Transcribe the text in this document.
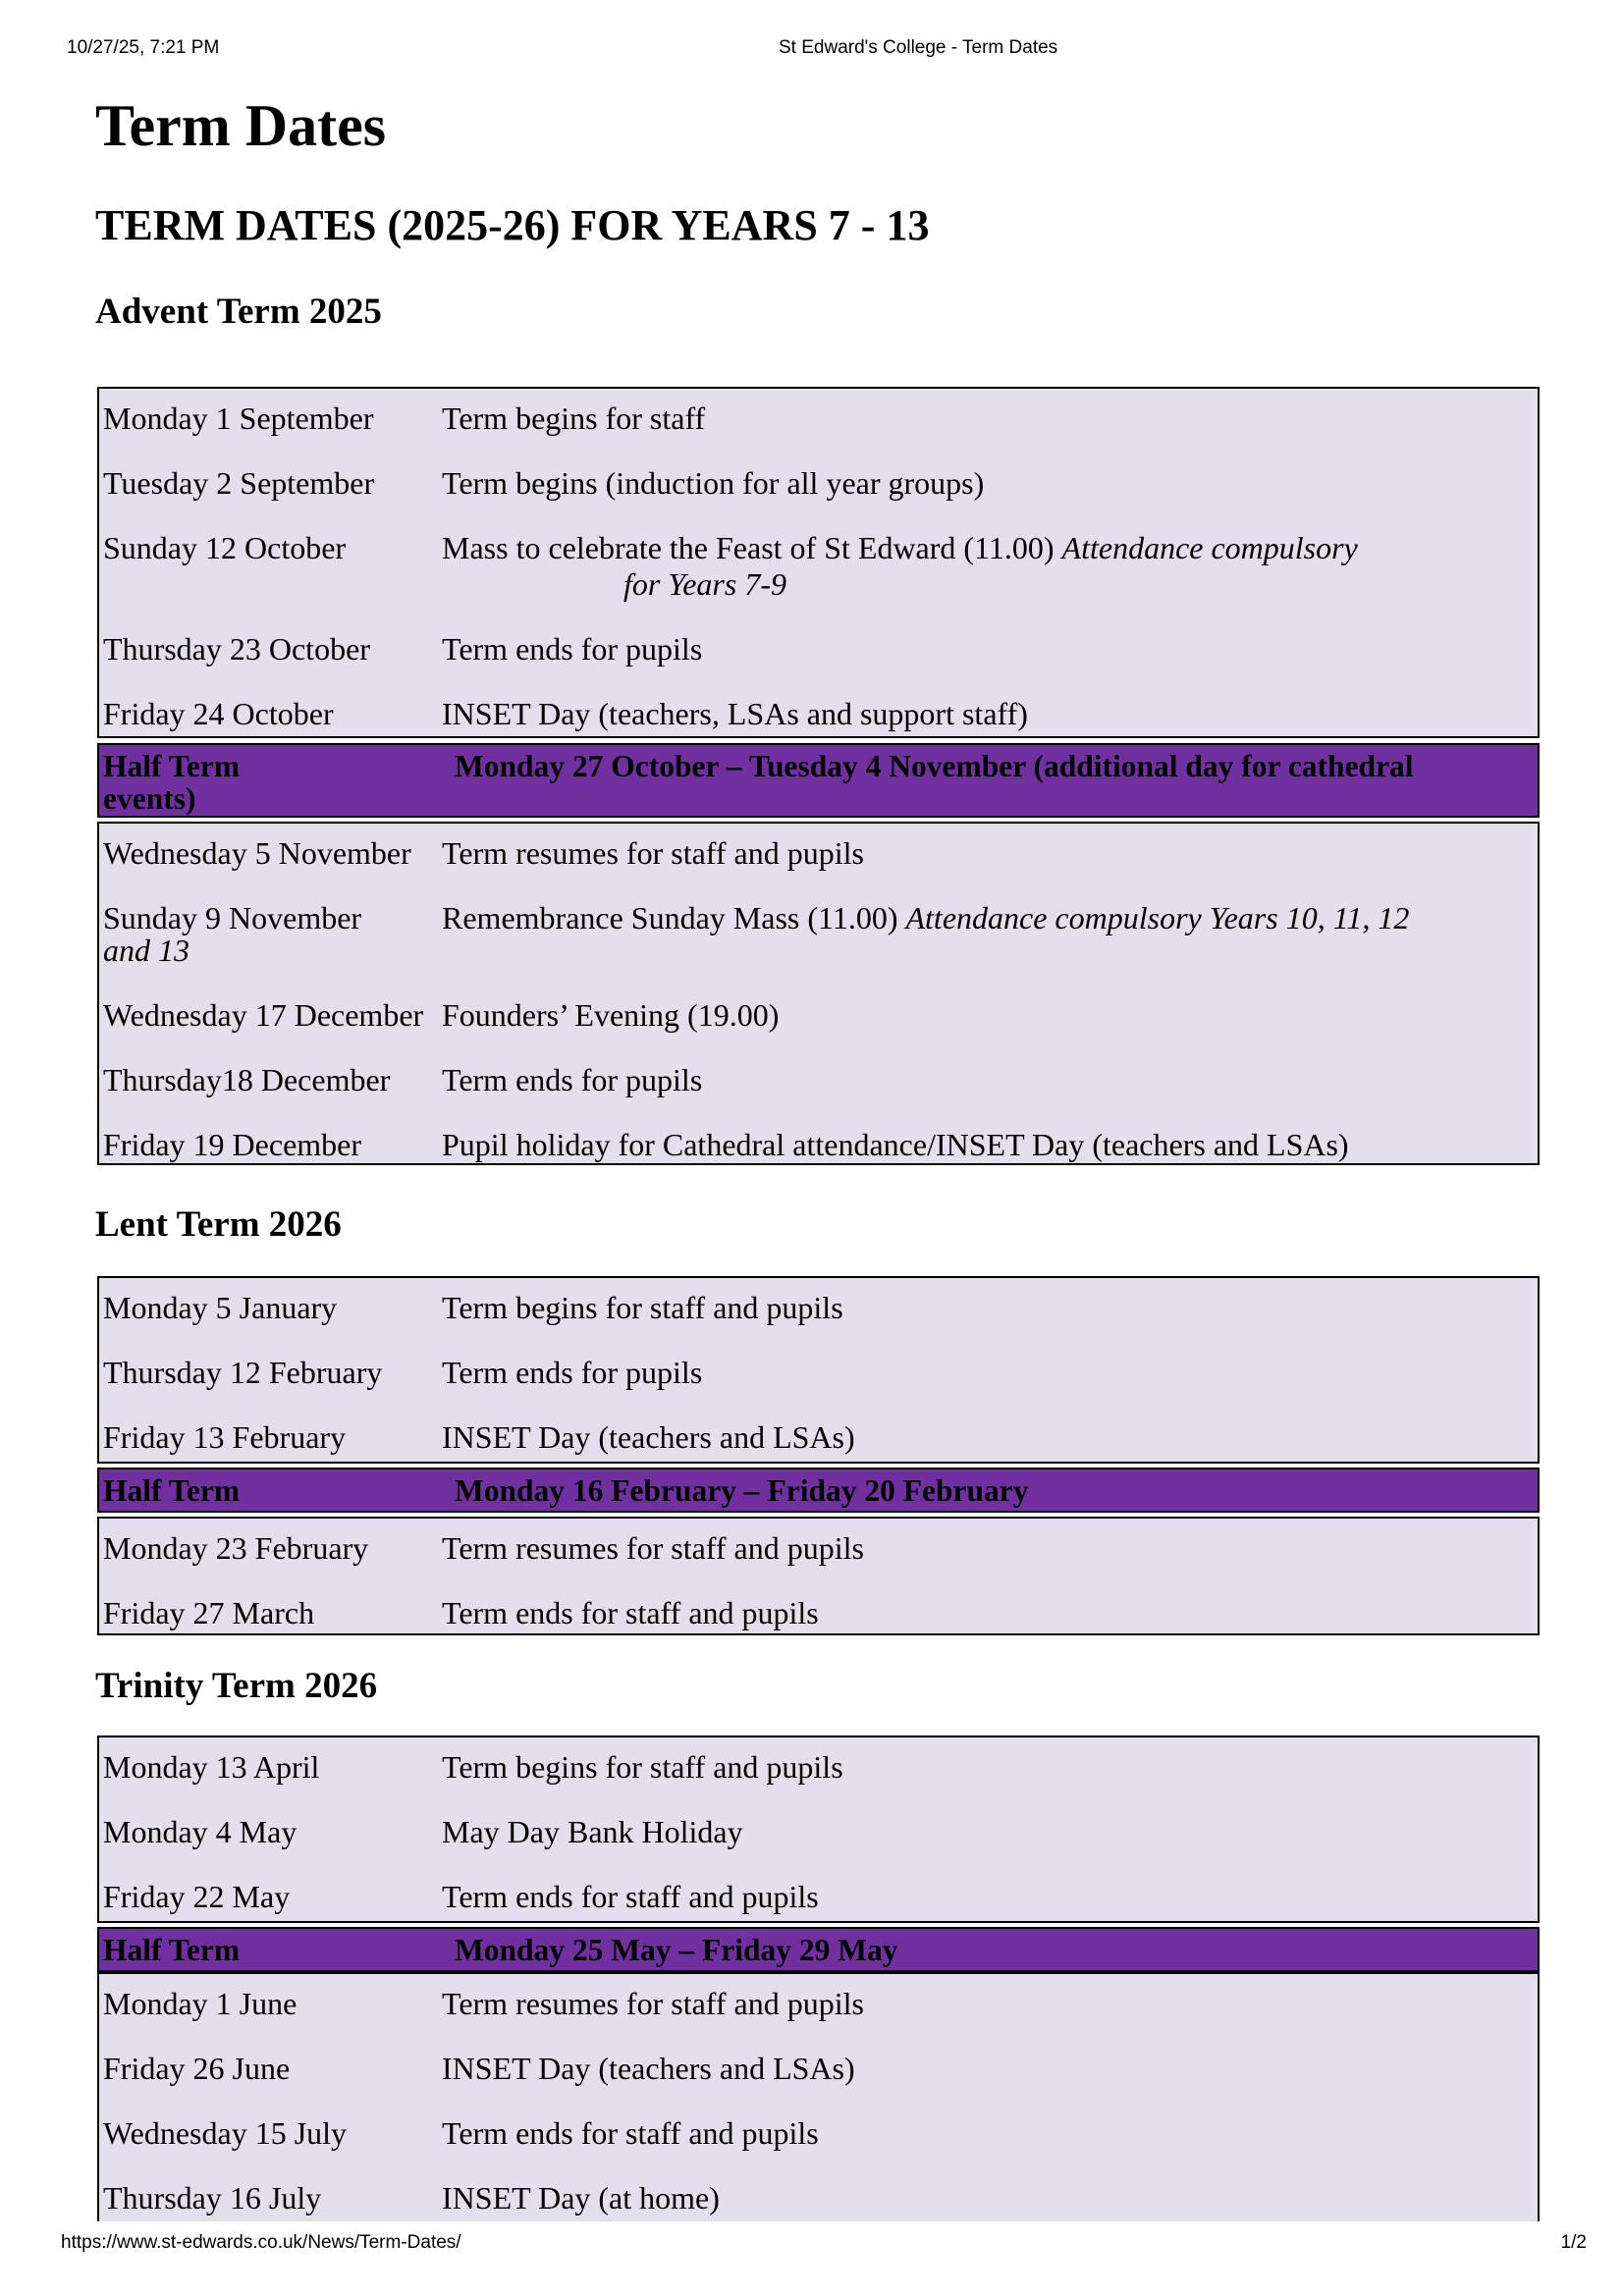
10/27/25, 7:21 PM	St Edward's College - Term Dates
Term Dates
TERM DATES (2025-26) FOR YEARS 7 - 13
Advent Term 2025
Monday 1 September Term begins for staff
Tuesday 2 September Term begins (induction for all year groups)
Sunday 12 October	Mass to celebrate the Feast of St Edward (11.00) Attendance compulsory
for Years 7-9
Thursday 23 October Term ends for pupils
Friday 24 October	INSET Day (teachers, LSAs and support staff)
Half Term	Monday 27 October – Tuesday 4 November (additional day for cathedral
events)
Wednesday 5 November Term resumes for staff and pupils
Sunday 9 November	Remembrance Sunday Mass (11.00) Attendance compulsory Years 10, 11, 12
and 13
Wednesday 17 December Founders’ Evening (19.00)
Thursday18 December Term ends for pupils
Friday 19 December	Pupil holiday for Cathedral attendance/INSET Day (teachers and LSAs)
Lent Term 2026
Monday 5 January	Term begins for staff and pupils
Thursday 12 February Term ends for pupils
Friday 13 February	INSET Day (teachers and LSAs)
Half Term	Monday 16 February – Friday 20 February
Monday 23 February Term resumes for staff and pupils
Friday 27 March	Term ends for staff and pupils
Trinity Term 2026
Monday 13 April	Term begins for staff and pupils
Monday 4 May	May Day Bank Holiday
Friday 22 May	Term ends for staff and pupils
Half Term	Monday 25 May – Friday 29 May
Monday 1 June	Term resumes for staff and pupils
Friday 26 June	INSET Day (teachers and LSAs)
Wednesday 15 July	Term ends for staff and pupils
Thursday 16 July	INSET Day (at home)
https://www.st-edwards.co.uk/News/Term-Dates/	1/2
